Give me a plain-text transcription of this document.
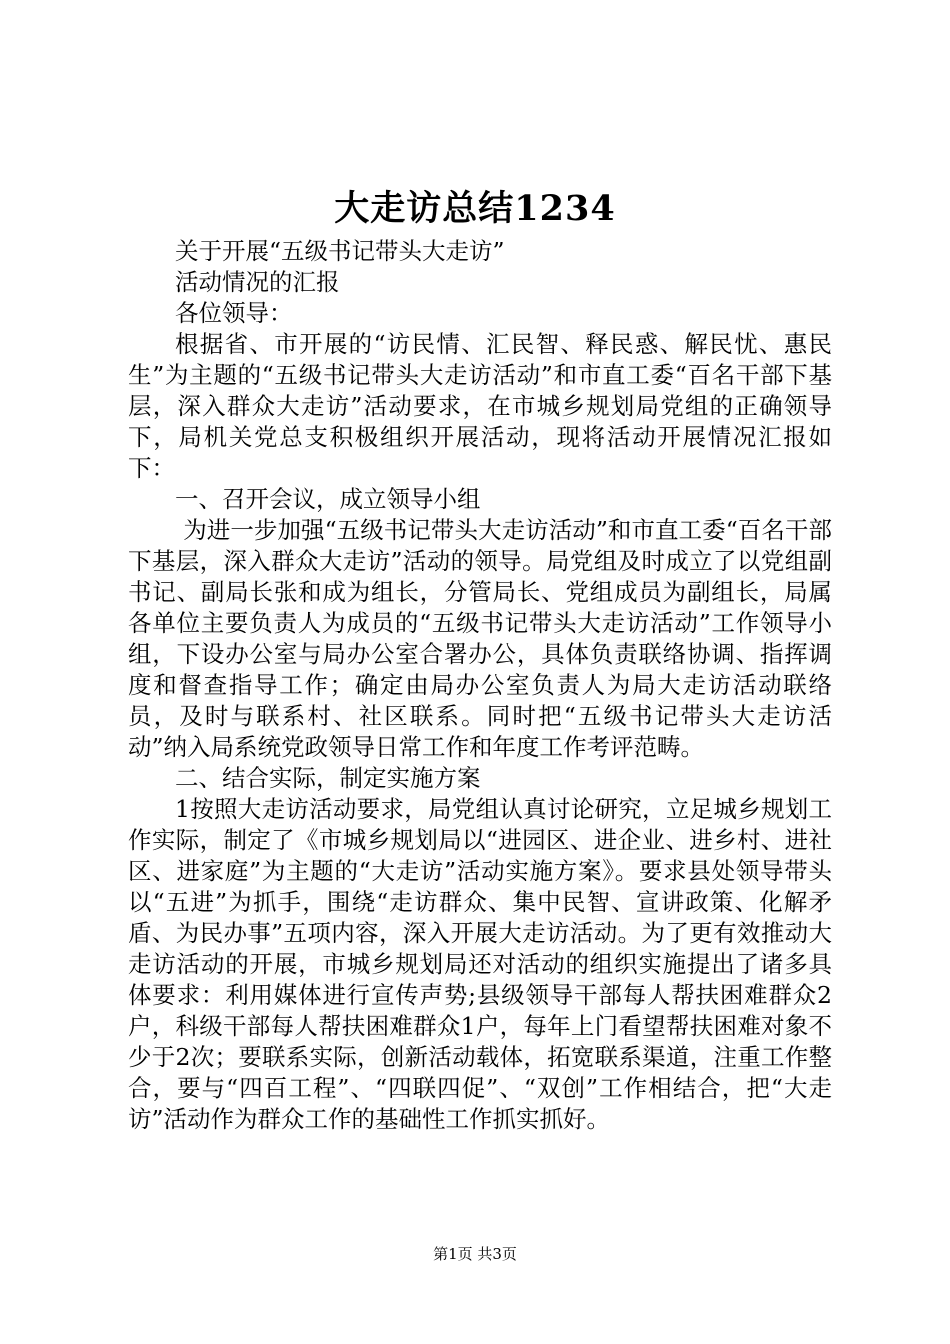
大走访总结1234

关于开展“五级书记带头大走访”

活动情况的汇报

各位领导：

根据省、市开展的“访民情、汇民智、释民惑、解民忧、惠民生”为主题的“五级书记带头大走访活动”和市直工委“百名干部下基层，深入群众大走访”活动要求，在市城乡规划局党组的正确领导下，局机关党总支积极组织开展活动，现将活动开展情况汇报如下：

一、召开会议，成立领导小组

为进一步加强“五级书记带头大走访活动”和市直工委“百名干部下基层，深入群众大走访”活动的领导。局党组及时成立了以党组副书记、副局长张和成为组长，分管局长、党组成员为副组长，局属各单位主要负责人为成员的“五级书记带头大走访活动”工作领导小组，下设办公室与局办公室合署办公，具体负责联络协调、指挥调度和督查指导工作；确定由局办公室负责人为局大走访活动联络员，及时与联系村、社区联系。同时把“五级书记带头大走访活动”纳入局系统党政领导日常工作和年度工作考评范畴。

二、结合实际，制定实施方案

1按照大走访活动要求，局党组认真讨论研究，立足城乡规划工作实际，制定了《市城乡规划局以“进园区、进企业、进乡村、进社区、进家庭”为主题的“大走访”活动实施方案》。要求县处领导带头以“五进”为抓手，围绕“走访群众、集中民智、宣讲政策、化解矛盾、为民办事”五项内容，深入开展大走访活动。为了更有效推动大走访活动的开展，市城乡规划局还对活动的组织实施提出了诸多具体要求：利用媒体进行宣传声势;县级领导干部每人帮扶困难群众2户，科级干部每人帮扶困难群众1户，每年上门看望帮扶困难对象不少于2次；要联系实际，创新活动载体，拓宽联系渠道，注重工作整合，要与“四百工程”、“四联四促”、“双创”工作相结合，把“大走访”活动作为群众工作的基础性工作抓实抓好。

第1页 共3页
